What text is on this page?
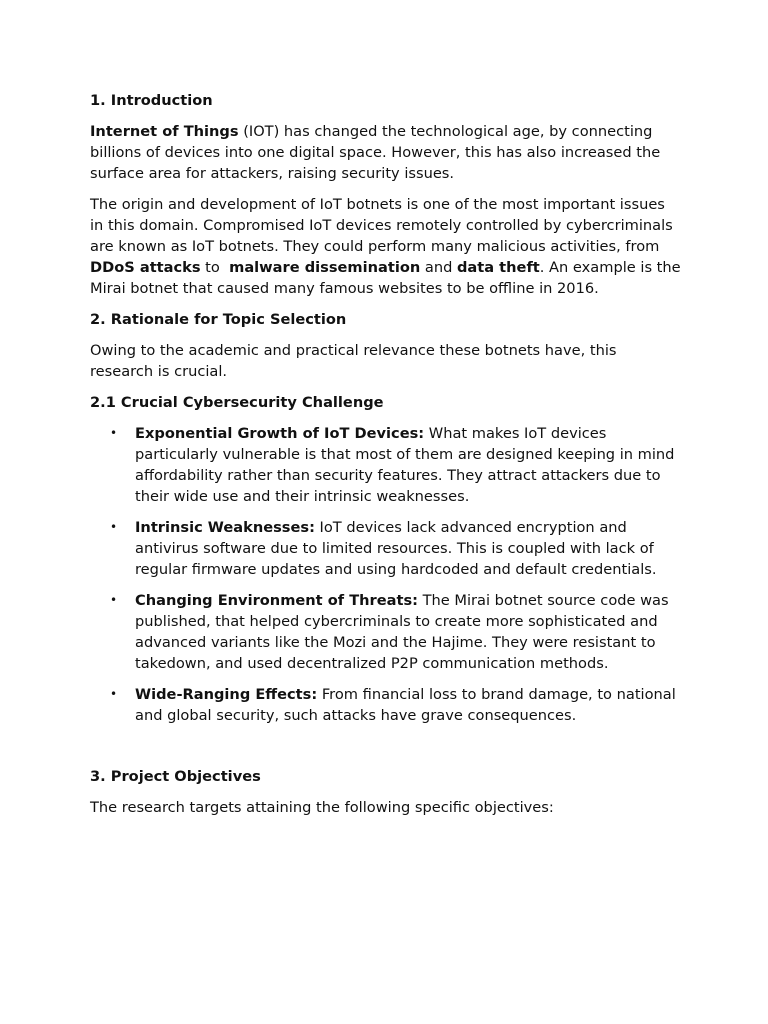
1. Introduction

Internet of Things (IOT) has changed the technological age, by connecting billions of devices into one digital space. However, this has also increased the surface area for attackers, raising security issues.

The origin and development of IoT botnets is one of the most important issues in this domain. Compromised IoT devices remotely controlled by cybercriminals are known as IoT botnets. They could perform many malicious activities, from DDoS attacks to  malware dissemination and data theft. An example is the Mirai botnet that caused many famous websites to be offline in 2016.

2. Rationale for Topic Selection

Owing to the academic and practical relevance these botnets have, this research is crucial.

2.1 Crucial Cybersecurity Challenge

• Exponential Growth of IoT Devices: What makes IoT devices particularly vulnerable is that most of them are designed keeping in mind affordability rather than security features. They attract attackers due to their wide use and their intrinsic weaknesses.
• Intrinsic Weaknesses: IoT devices lack advanced encryption and antivirus software due to limited resources. This is coupled with lack of regular firmware updates and using hardcoded and default credentials.
• Changing Environment of Threats: The Mirai botnet source code was published, that helped cybercriminals to create more sophisticated and advanced variants like the Mozi and the Hajime. They were resistant to takedown, and used decentralized P2P communication methods.
• Wide-Ranging Effects: From financial loss to brand damage, to national and global security, such attacks have grave consequences.

3. Project Objectives

The research targets attaining the following specific objectives:
